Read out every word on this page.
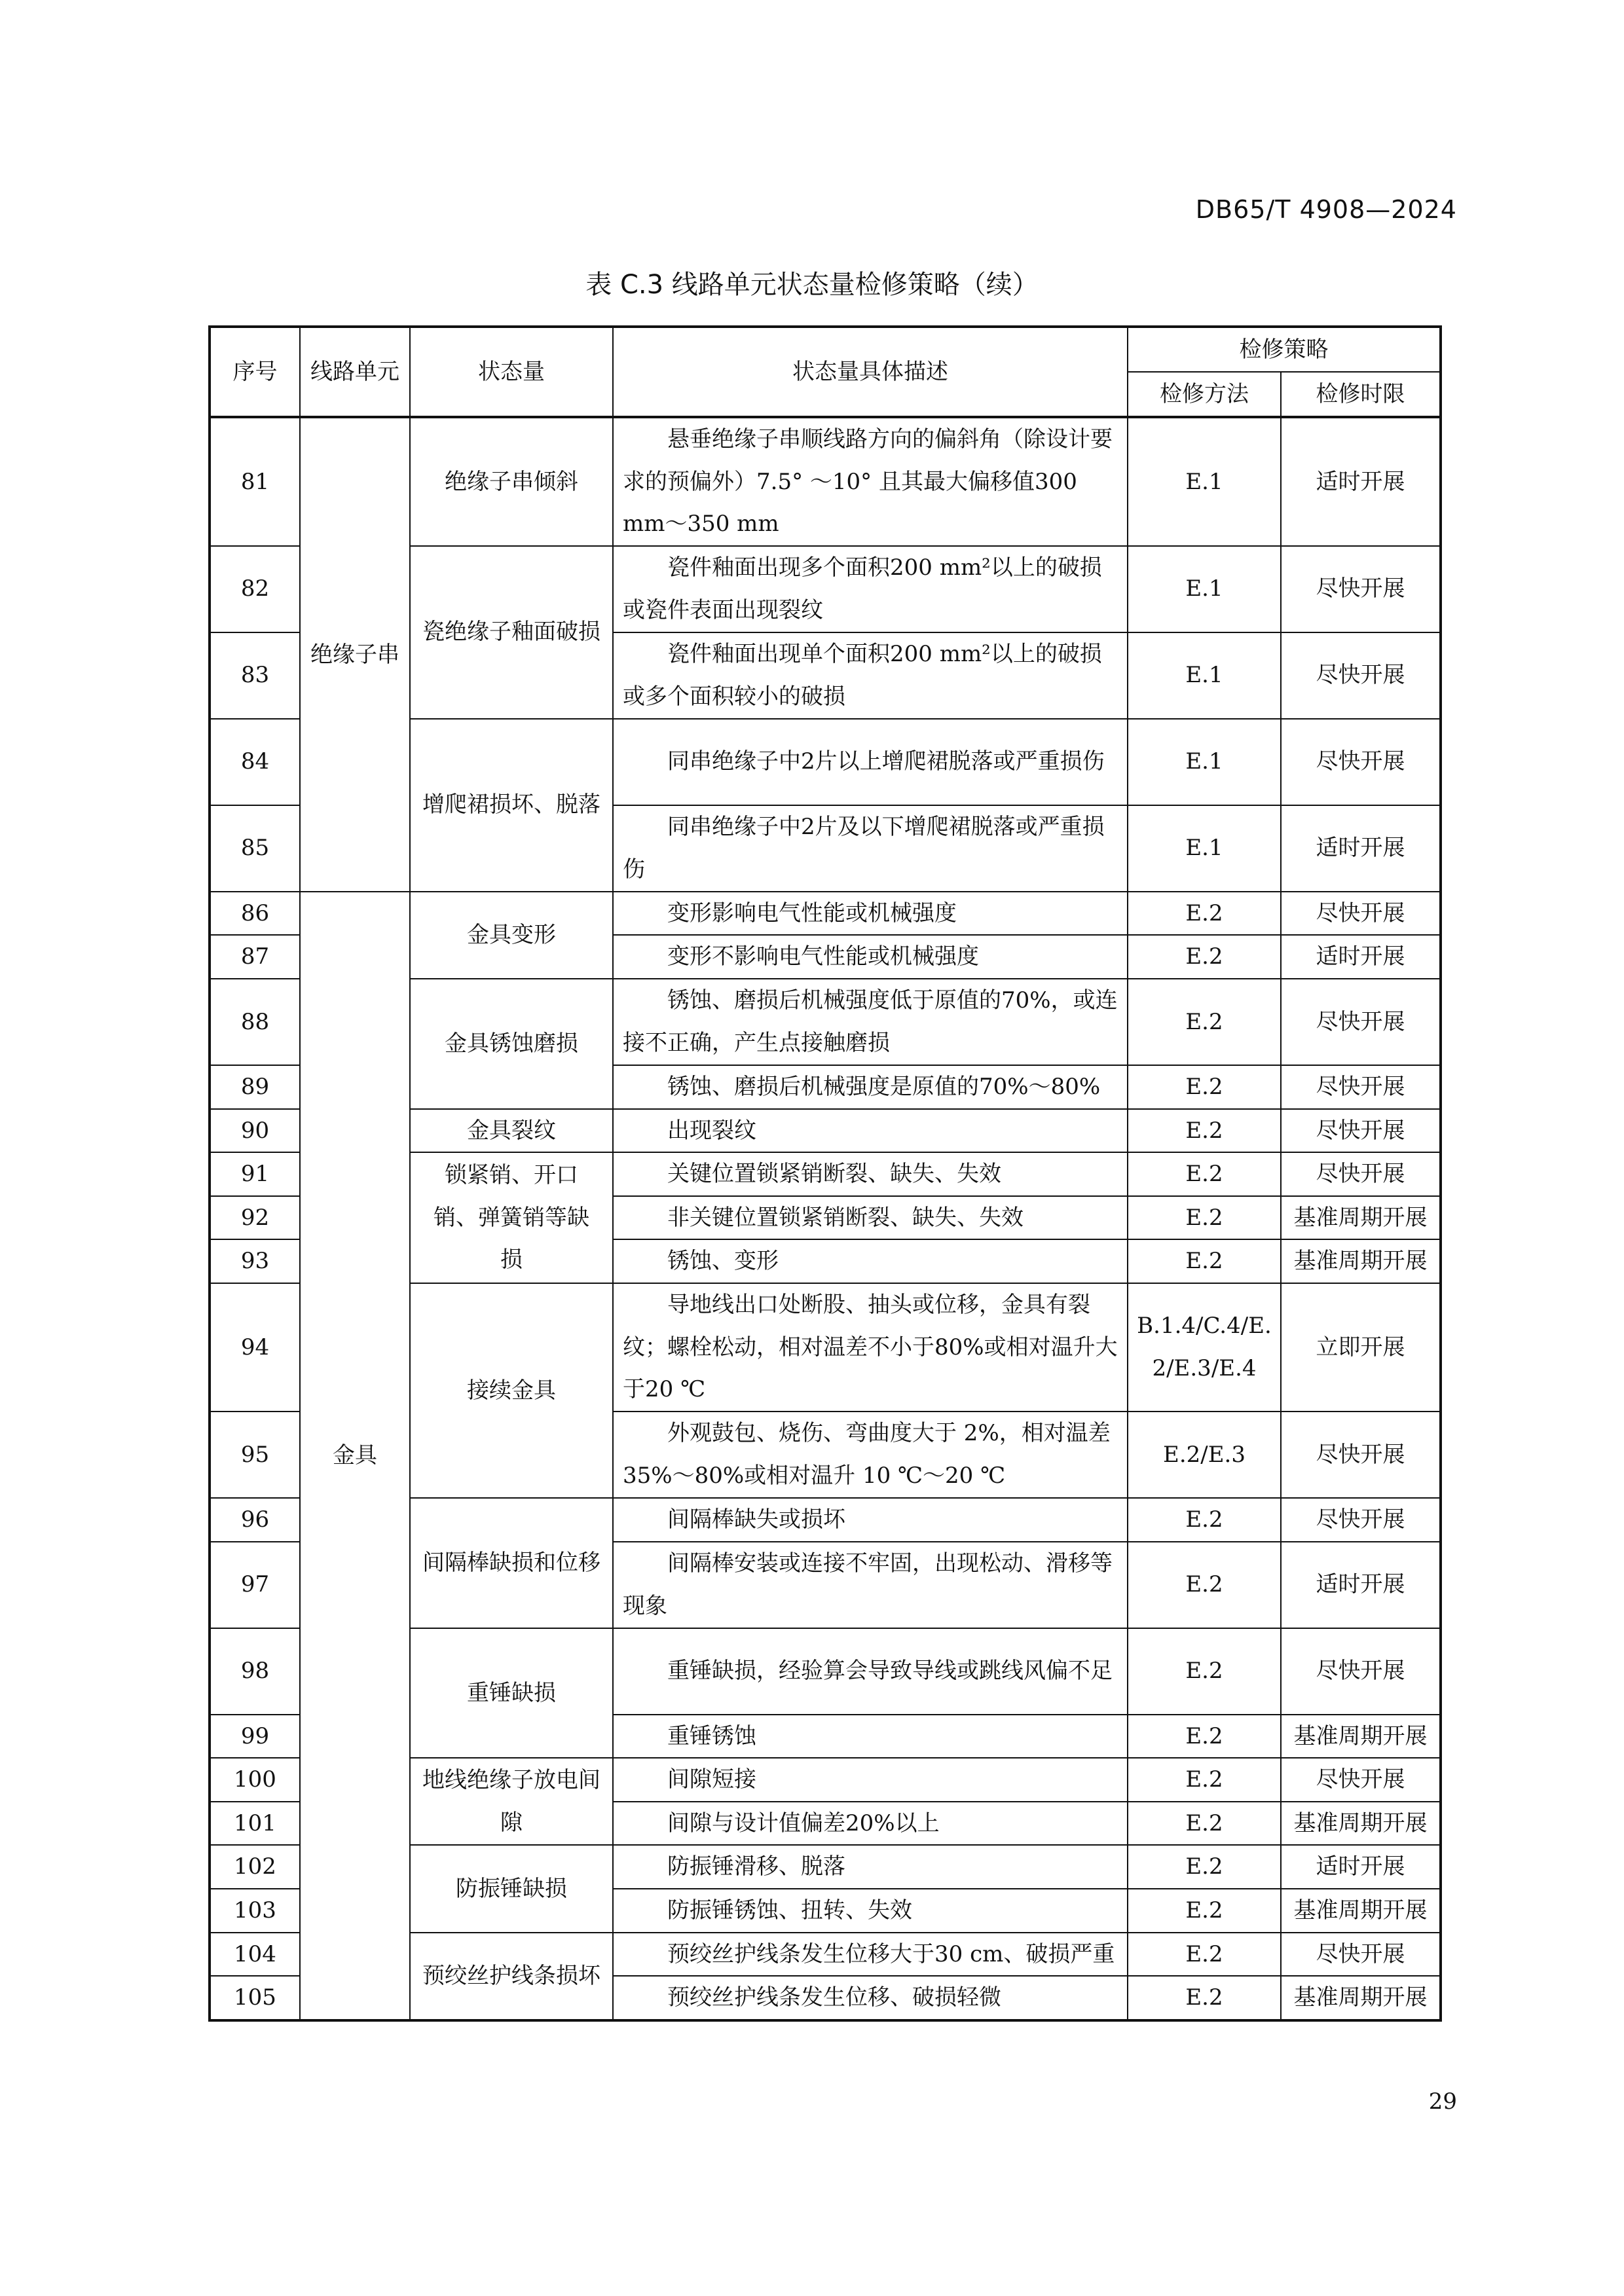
DB65/T 4908—2024
表 C.3 线路单元状态量检修策略（续）
序号	线路单元	状态量	状态量具体描述	检修策略	
				检修方法	检修时限
81	绝缘子串	绝缘子串倾斜	悬垂绝缘子串顺线路方向的偏斜角（除设计要求的预偏外）7.5° ～10° 且其最大偏移值300 mm～350 mm	E.1	适时开展
82		瓷绝缘子釉面破损	瓷件釉面出现多个面积200 mm²以上的破损或瓷件表面出现裂纹	E.1	尽快开展
83			瓷件釉面出现单个面积200 mm²以上的破损或多个面积较小的破损	E.1	尽快开展
84		增爬裙损坏、脱落	同串绝缘子中2片以上增爬裙脱落或严重损伤	E.1	尽快开展
85			同串绝缘子中2片及以下增爬裙脱落或严重损伤	E.1	适时开展
86	金具	金具变形	变形影响电气性能或机械强度	E.2	尽快开展
87			变形不影响电气性能或机械强度	E.2	适时开展
88		金具锈蚀磨损	锈蚀、磨损后机械强度低于原值的70%，或连接不正确，产生点接触磨损	E.2	尽快开展
89			锈蚀、磨损后机械强度是原值的70%～80%	E.2	尽快开展
90		金具裂纹	出现裂纹	E.2	尽快开展
91		锁紧销、开口销、弹簧销等缺损	关键位置锁紧销断裂、缺失、失效	E.2	尽快开展
92			非关键位置锁紧销断裂、缺失、失效	E.2	基准周期开展
93			锈蚀、变形	E.2	基准周期开展
94		接续金具	导地线出口处断股、抽头或位移，金具有裂纹；螺栓松动，相对温差不小于80%或相对温升大于20 ℃	B.1.4/C.4/E.2/E.3/E.4	立即开展
95			外观鼓包、烧伤、弯曲度大于 2%，相对温差35%～80%或相对温升 10 ℃～20 ℃	E.2/E.3	尽快开展
96		间隔棒缺损和位移	间隔棒缺失或损坏	E.2	尽快开展
97			间隔棒安装或连接不牢固，出现松动、滑移等现象	E.2	适时开展
98		重锤缺损	重锤缺损，经验算会导致导线或跳线风偏不足	E.2	尽快开展
99			重锤锈蚀	E.2	基准周期开展
100		地线绝缘子放电间隙	间隙短接	E.2	尽快开展
101			间隙与设计值偏差20%以上	E.2	基准周期开展
102		防振锤缺损	防振锤滑移、脱落	E.2	适时开展
103			防振锤锈蚀、扭转、失效	E.2	基准周期开展
104		预绞丝护线条损坏	预绞丝护线条发生位移大于30 cm、破损严重	E.2	尽快开展
105			预绞丝护线条发生位移、破损轻微	E.2	基准周期开展
29
